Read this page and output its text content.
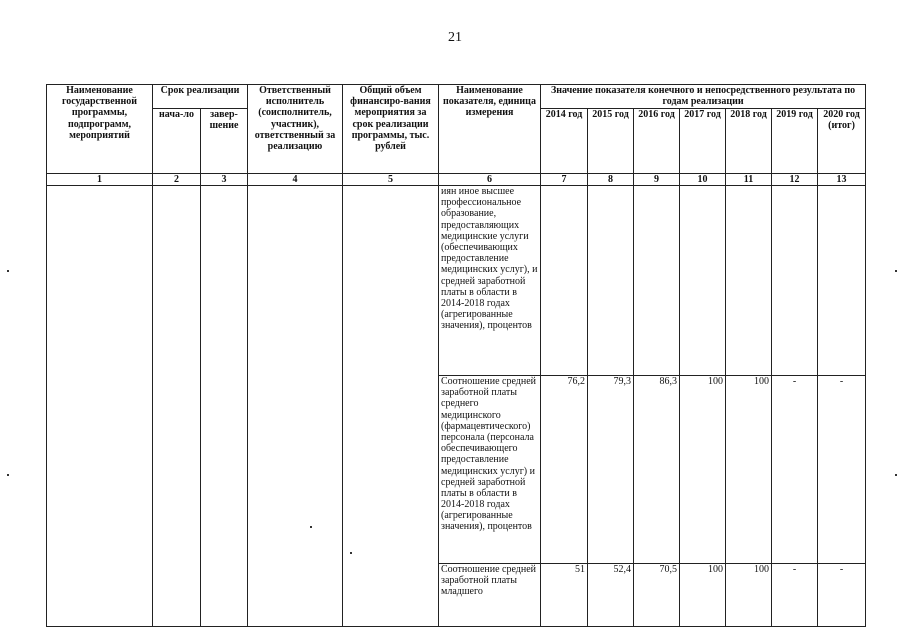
21
Наименование государственной программы, подпрограмм, мероприятий	Срок реализации		Ответственный исполнитель (соисполнитель, участник), ответственный за реализацию	Общий объем финансиро-вания мероприятия за срок реализации программы, тыс. рублей	Наименование показателя, единица измерения	Значение показателя конечного и непосредственного результата по годам реализации						
	нача-ло	завер-шение				2014 год	2015 год	2016 год	2017 год	2018 год	2019 год	2020 год (итог)
1	2	3	4	5	6	7	8	9	10	11	12	13
					иян иное высшее профессиональное образование, предоставляющих медицинские услуги (обеспечивающих предоставление медицинских услуг), и средней заработной платы в области в 2014-2018 годах (агрегированные значения), процентов							
					Соотношение средней заработной платы среднего медицинского (фармацевтического) персонала (персонала обеспечивающего предоставление медицинских услуг) и средней заработной платы в области в 2014-2018 годах (агрегированные значения), процентов	76,2	79,3	86,3	100	100	-	-
					Соотношение средней заработной платы младшего	51	52,4	70,5	100	100	-	-
